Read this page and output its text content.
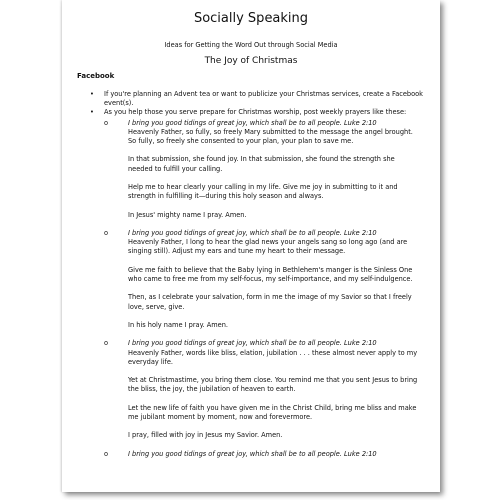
Socially Speaking
Ideas for Getting the Word Out through Social Media
The Joy of Christmas
Facebook
• If you're planning an Advent tea or want to publicize your Christmas services, create a Facebook event(s).
• As you help those you serve prepare for Christmas worship, post weekly prayers like these:
o	I bring you good tidings of great joy, which shall be to all people. Luke 2:10
Heavenly Father, so fully, so freely Mary submitted to the message the angel brought.
So fully, so freely she consented to your plan, your plan to save me.
In that submission, she found joy. In that submission, she found the strength she
needed to fulfill your calling.
Help me to hear clearly your calling in my life. Give me joy in submitting to it and
strength in fulfilling it—during this holy season and always.
In Jesus' mighty name I pray. Amen.
o	I bring you good tidings of great joy, which shall be to all people. Luke 2:10
Heavenly Father, I long to hear the glad news your angels sang so long ago (and are
singing still). Adjust my ears and tune my heart to their message.
Give me faith to believe that the Baby lying in Bethlehem's manger is the Sinless One
who came to free me from my self-focus, my self-importance, and my self-indulgence.
Then, as I celebrate your salvation, form in me the image of my Savior so that I freely
love, serve, give.
In his holy name I pray. Amen.
o	I bring you good tidings of great joy, which shall be to all people. Luke 2:10
Heavenly Father, words like bliss, elation, jubilation . . . these almost never apply to my
everyday life.
Yet at Christmastime, you bring them close. You remind me that you sent Jesus to bring
the bliss, the joy, the jubilation of heaven to earth.
Let the new life of faith you have given me in the Christ Child, bring me bliss and make
me jubilant moment by moment, now and forevermore.
I pray, filled with joy in Jesus my Savior. Amen.
o	I bring you good tidings of great joy, which shall be to all people. Luke 2:10
